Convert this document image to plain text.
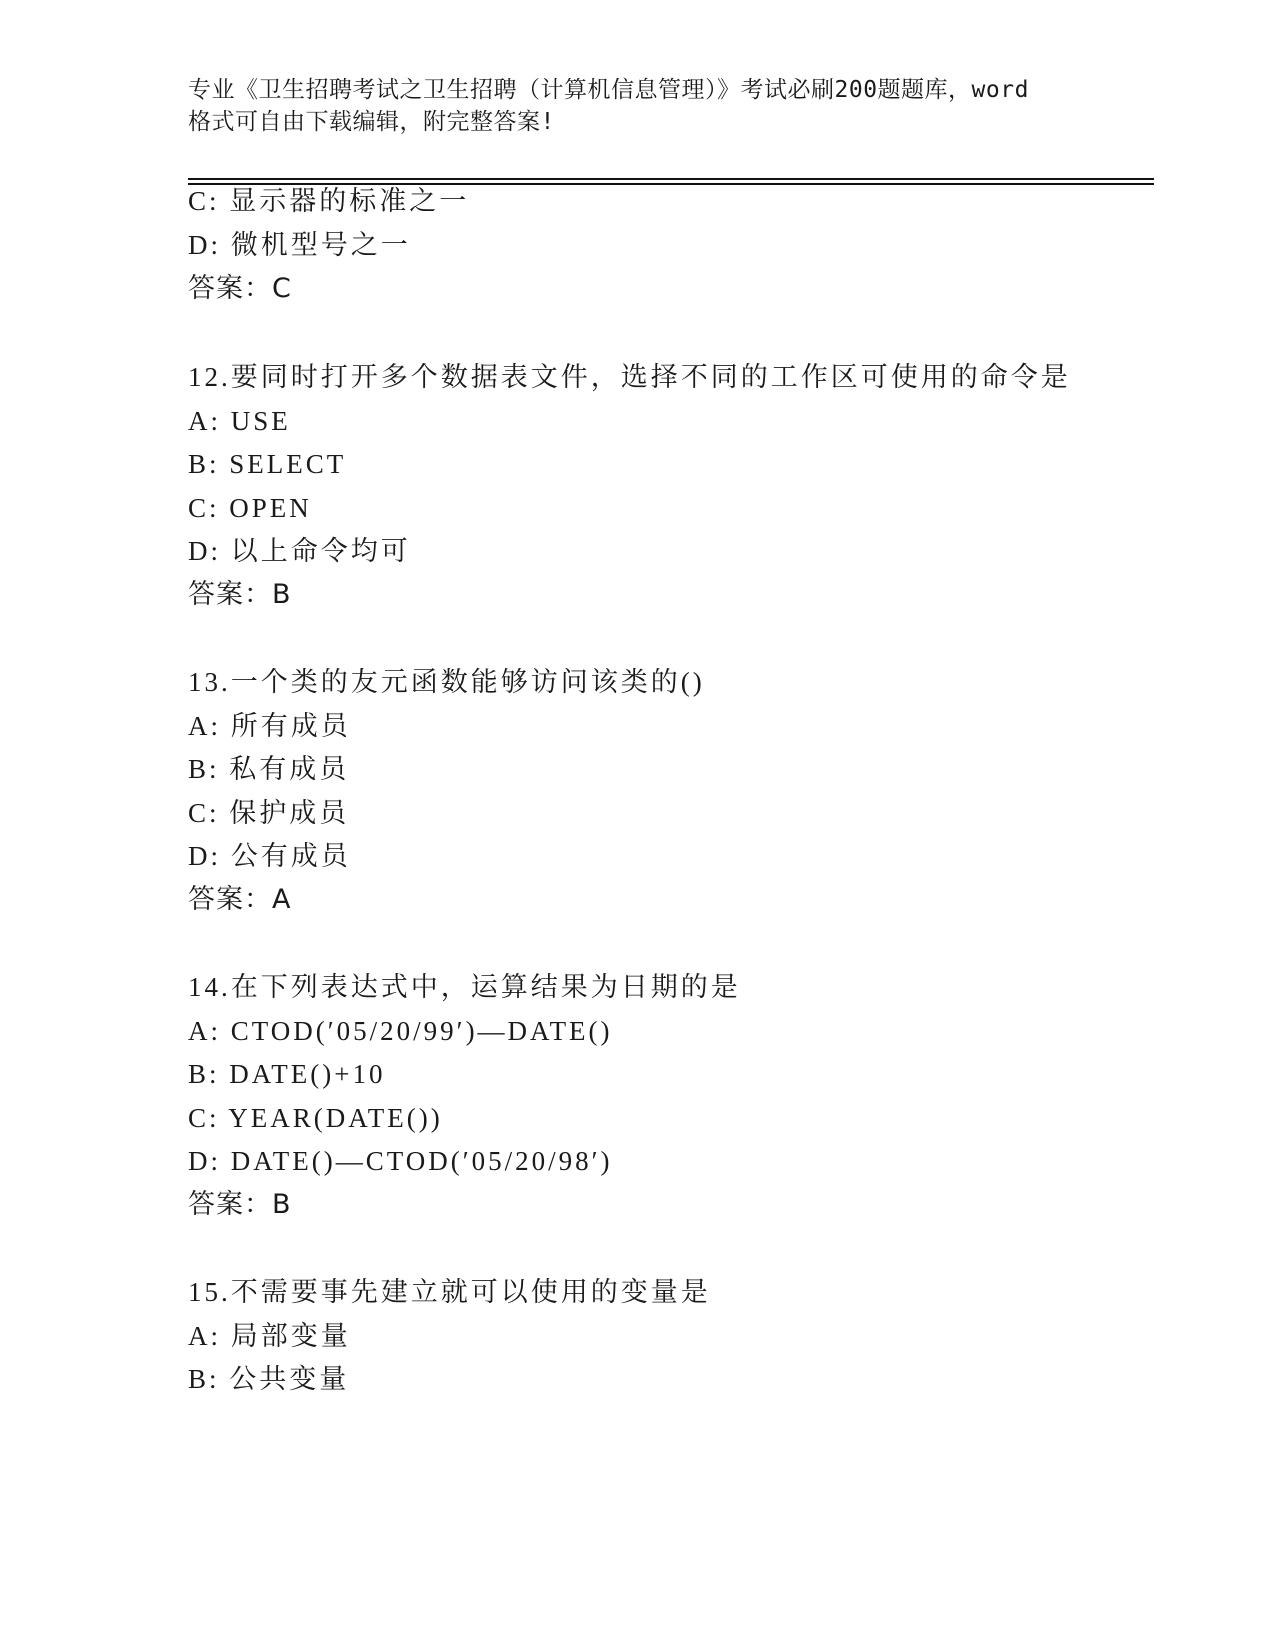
专业《卫生招聘考试之卫生招聘（计算机信息管理）》考试必刷200题题库，word
格式可自由下载编辑，附完整答案!
C: 显示器的标准之一
D: 微机型号之一
答案：C
12.要同时打开多个数据表文件，选择不同的工作区可使用的命令是
A: USE
B: SELECT
C: OPEN
D: 以上命令均可
答案：B
13.一个类的友元函数能够访问该类的()
A: 所有成员
B: 私有成员
C: 保护成员
D: 公有成员
答案：A
14.在下列表达式中，运算结果为日期的是
A: CTOD(′05/20/99′)—DATE()
B: DATE()+10
C: YEAR(DATE())
D: DATE()—CTOD(′05/20/98′)
答案：B
15.不需要事先建立就可以使用的变量是
A: 局部变量
B: 公共变量
